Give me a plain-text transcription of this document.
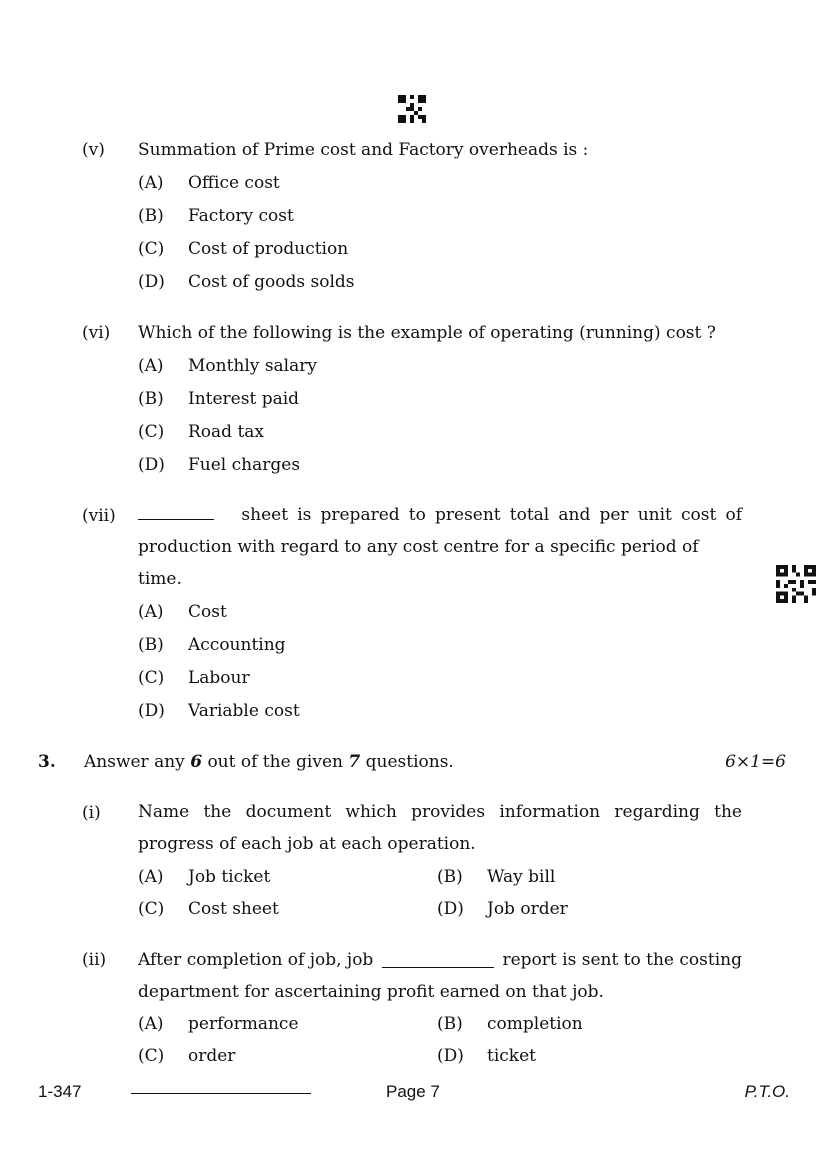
(v) Summation of Prime cost and Factory overheads is :
(A) Office cost
(B) Factory cost
(C) Cost of production
(D) Cost of goods solds
(vi) Which of the following is the example of operating (running) cost ?
(A) Monthly salary
(B) Interest paid
(C) Road tax
(D) Fuel charges
(vii)	sheet is prepared to present total and per unit cost of production with regard to any cost centre for a specific period of
time.
(A) Cost
(B) Accounting
(C) Labour
(D) Variable cost
3. Answer any 6 out of the given 7 questions.	6×1=6
(i) Name the document which provides information regarding the
progress of each job at each operation.
(A) Job ticket	(B) Way bill
(C) Cost sheet	(D) Job order
(ii) After completion of job, job	report is sent to the costing
department for ascertaining profit earned on that job.
(A) performance	(B) completion
(C) order	(D) ticket
1-347	Page 7	P.T.O.
